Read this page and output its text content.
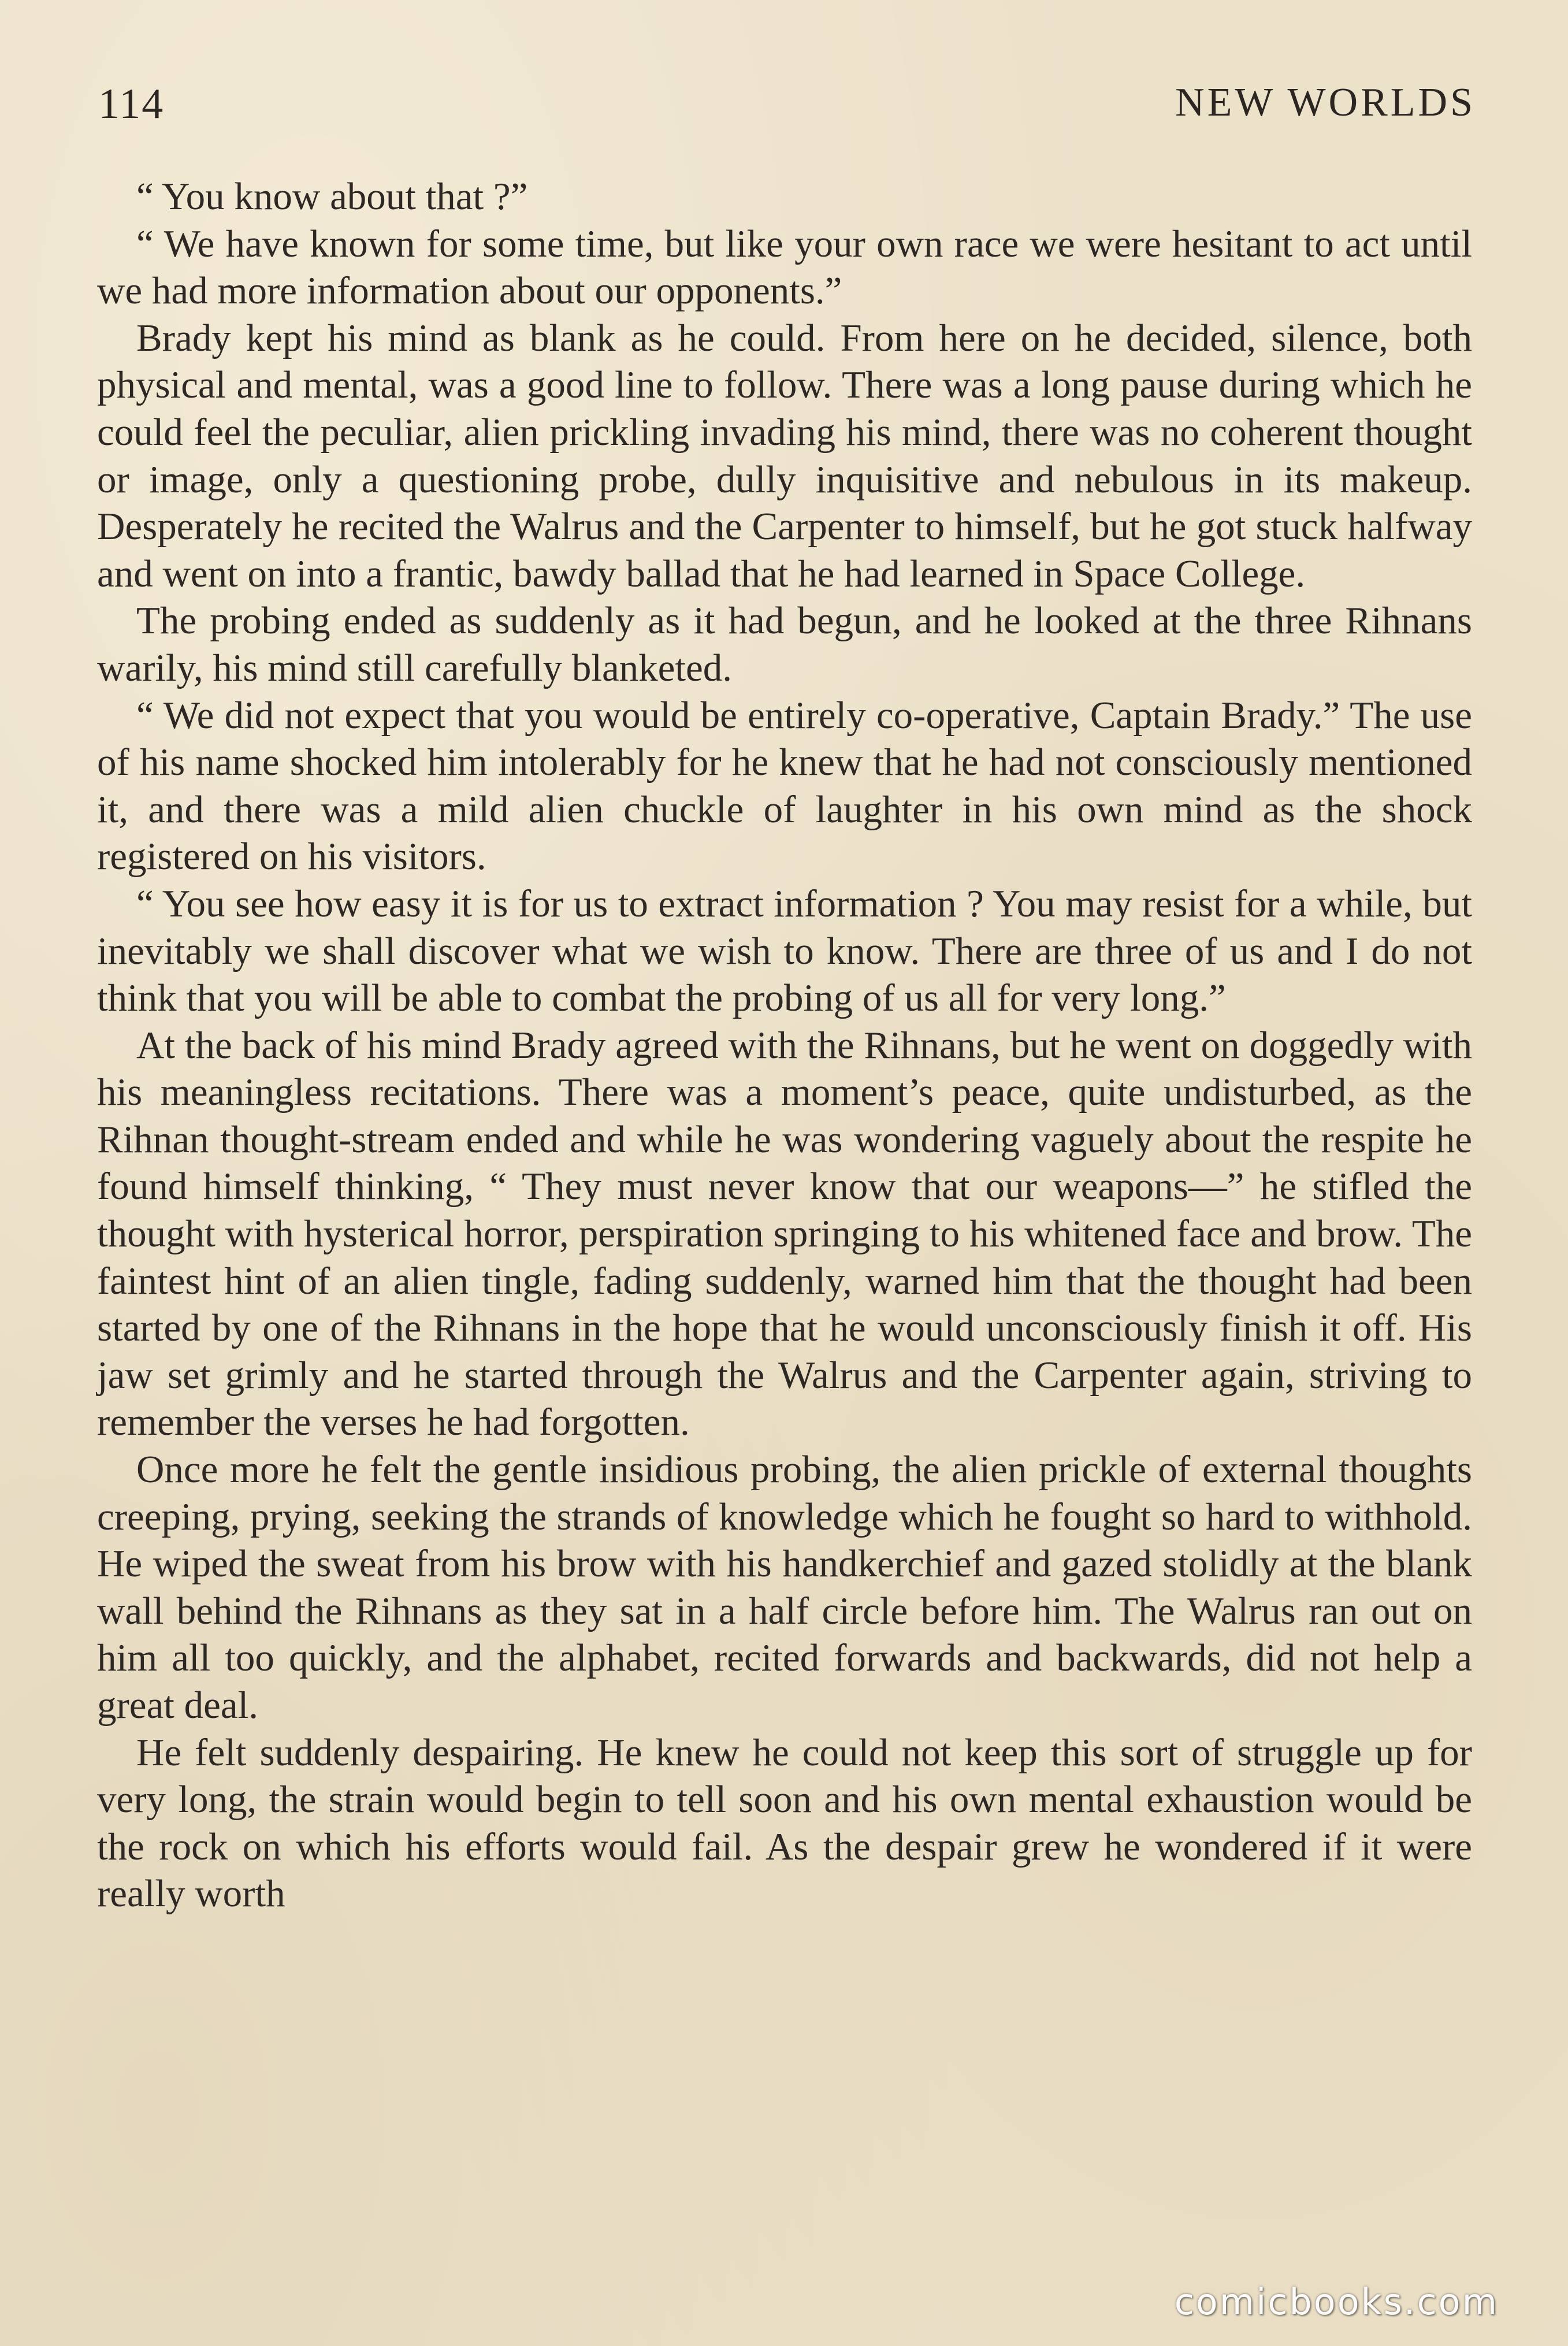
114	NEW WORLDS

“ You know about that ?”

“ We have known for some time, but like your own race we were hesitant to act until we had more information about our opponents.”

Brady kept his mind as blank as he could. From here on he decided, silence, both physical and mental, was a good line to follow. There was a long pause during which he could feel the peculiar, alien prickling invading his mind, there was no coherent thought or image, only a questioning probe, dully inquisitive and nebulous in its makeup. Desperately he recited the Walrus and the Carpenter to himself, but he got stuck halfway and went on into a frantic, bawdy ballad that he had learned in Space College.

The probing ended as suddenly as it had begun, and he looked at the three Rihnans warily, his mind still carefully blanketed.

“ We did not expect that you would be entirely co-operative, Captain Brady.” The use of his name shocked him intolerably for he knew that he had not consciously mentioned it, and there was a mild alien chuckle of laughter in his own mind as the shock registered on his visitors.

“ You see how easy it is for us to extract information ? You may resist for a while, but inevitably we shall discover what we wish to know. There are three of us and I do not think that you will be able to combat the probing of us all for very long.”

At the back of his mind Brady agreed with the Rihnans, but he went on doggedly with his meaningless recitations. There was a moment’s peace, quite undisturbed, as the Rihnan thought-stream ended and while he was wondering vaguely about the respite he found himself thinking, “ They must never know that our weapons—” he stifled the thought with hysterical horror, perspiration springing to his whitened face and brow. The faintest hint of an alien tingle, fading suddenly, warned him that the thought had been started by one of the Rihnans in the hope that he would unconsciously finish it off. His jaw set grimly and he started through the Walrus and the Carpenter again, striving to remember the verses he had forgotten.

Once more he felt the gentle insidious probing, the alien prickle of external thoughts creeping, prying, seeking the strands of knowledge which he fought so hard to withhold. He wiped the sweat from his brow with his handkerchief and gazed stolidly at the blank wall behind the Rihnans as they sat in a half circle before him. The Walrus ran out on him all too quickly, and the alphabet, recited forwards and backwards, did not help a great deal.

He felt suddenly despairing. He knew he could not keep this sort of struggle up for very long, the strain would begin to tell soon and his own mental exhaustion would be the rock on which his efforts would fail. As the despair grew he wondered if it were really worth

comicbooks.com
